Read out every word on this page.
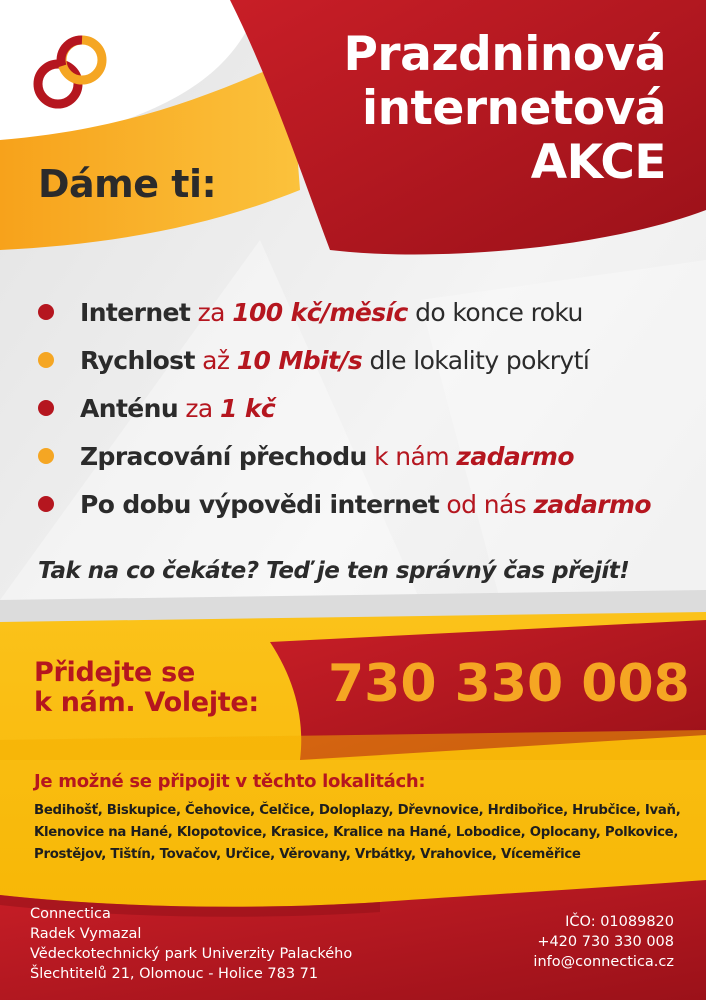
Prazdninová
internetová
AKCE
Dáme ti:
Internet za 100 kč/měsíc do konce roku
Rychlost až 10 Mbit/s dle lokality pokrytí
Anténu za 1 kč
Zpracování přechodu k nám zadarmo
Po dobu výpovědi internet od nás zadarmo
Tak na co čekáte? Teď je ten správný čas přejít!
Přidejte se
k nám. Volejte: 730 330 008
Je možné se připojit v těchto lokalitách:
Bedihošť, Biskupice, Čehovice, Čelčice, Doloplazy, Dřevnovice, Hrdibořice, Hrubčice, Ivaň,
Klenovice na Hané, Klopotovice, Krasice, Kralice na Hané, Lobodice, Oplocany, Polkovice,
Prostějov, Tištín, Tovačov, Určice, Věrovany, Vrbátky, Vrahovice, Víceměřice
Connectica
Radek Vymazal
Vědeckotechnický park Univerzity Palackého
Šlechtitelů 21, Olomouc - Holice 783 71
IČO: 01089820
+420 730 330 008
info@connectica.cz
